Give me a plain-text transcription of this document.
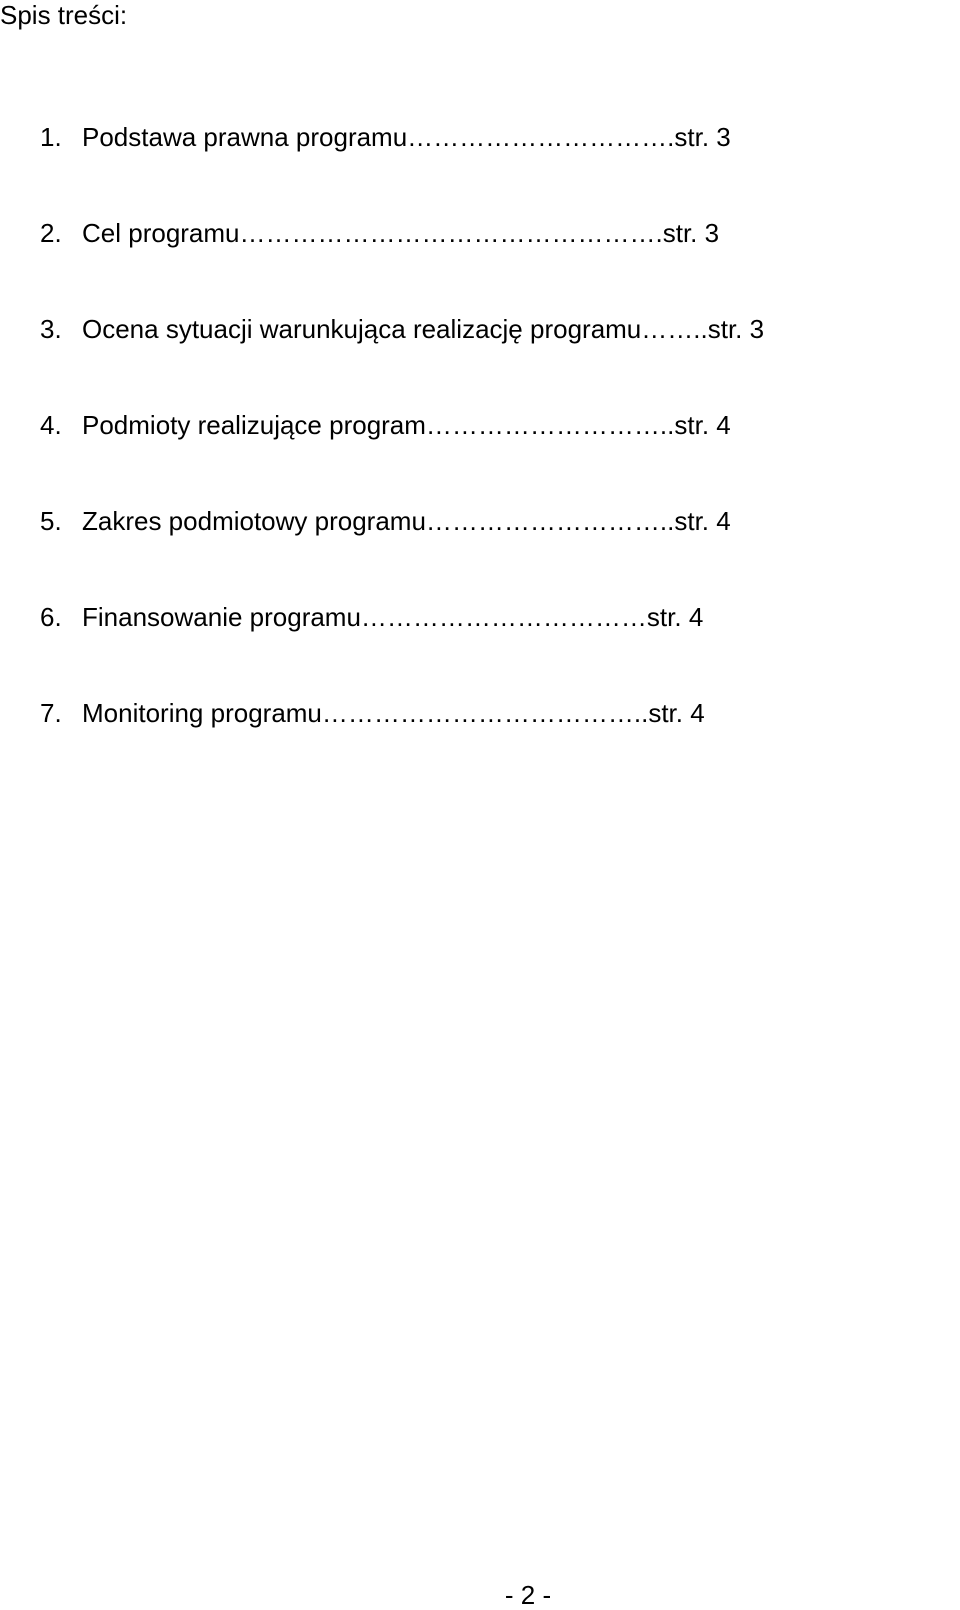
Spis treści:
1. Podstawa prawna programu………………………….str. 3
2. Cel programu………………………………………….str. 3
3. Ocena sytuacji warunkująca realizację programu……..str. 3
4. Podmioty realizujące program………………………..str. 4
5. Zakres podmiotowy programu………………………..str. 4
6. Finansowanie programu……………………………str. 4
7. Monitoring programu………………………………..str. 4
- 2 -
